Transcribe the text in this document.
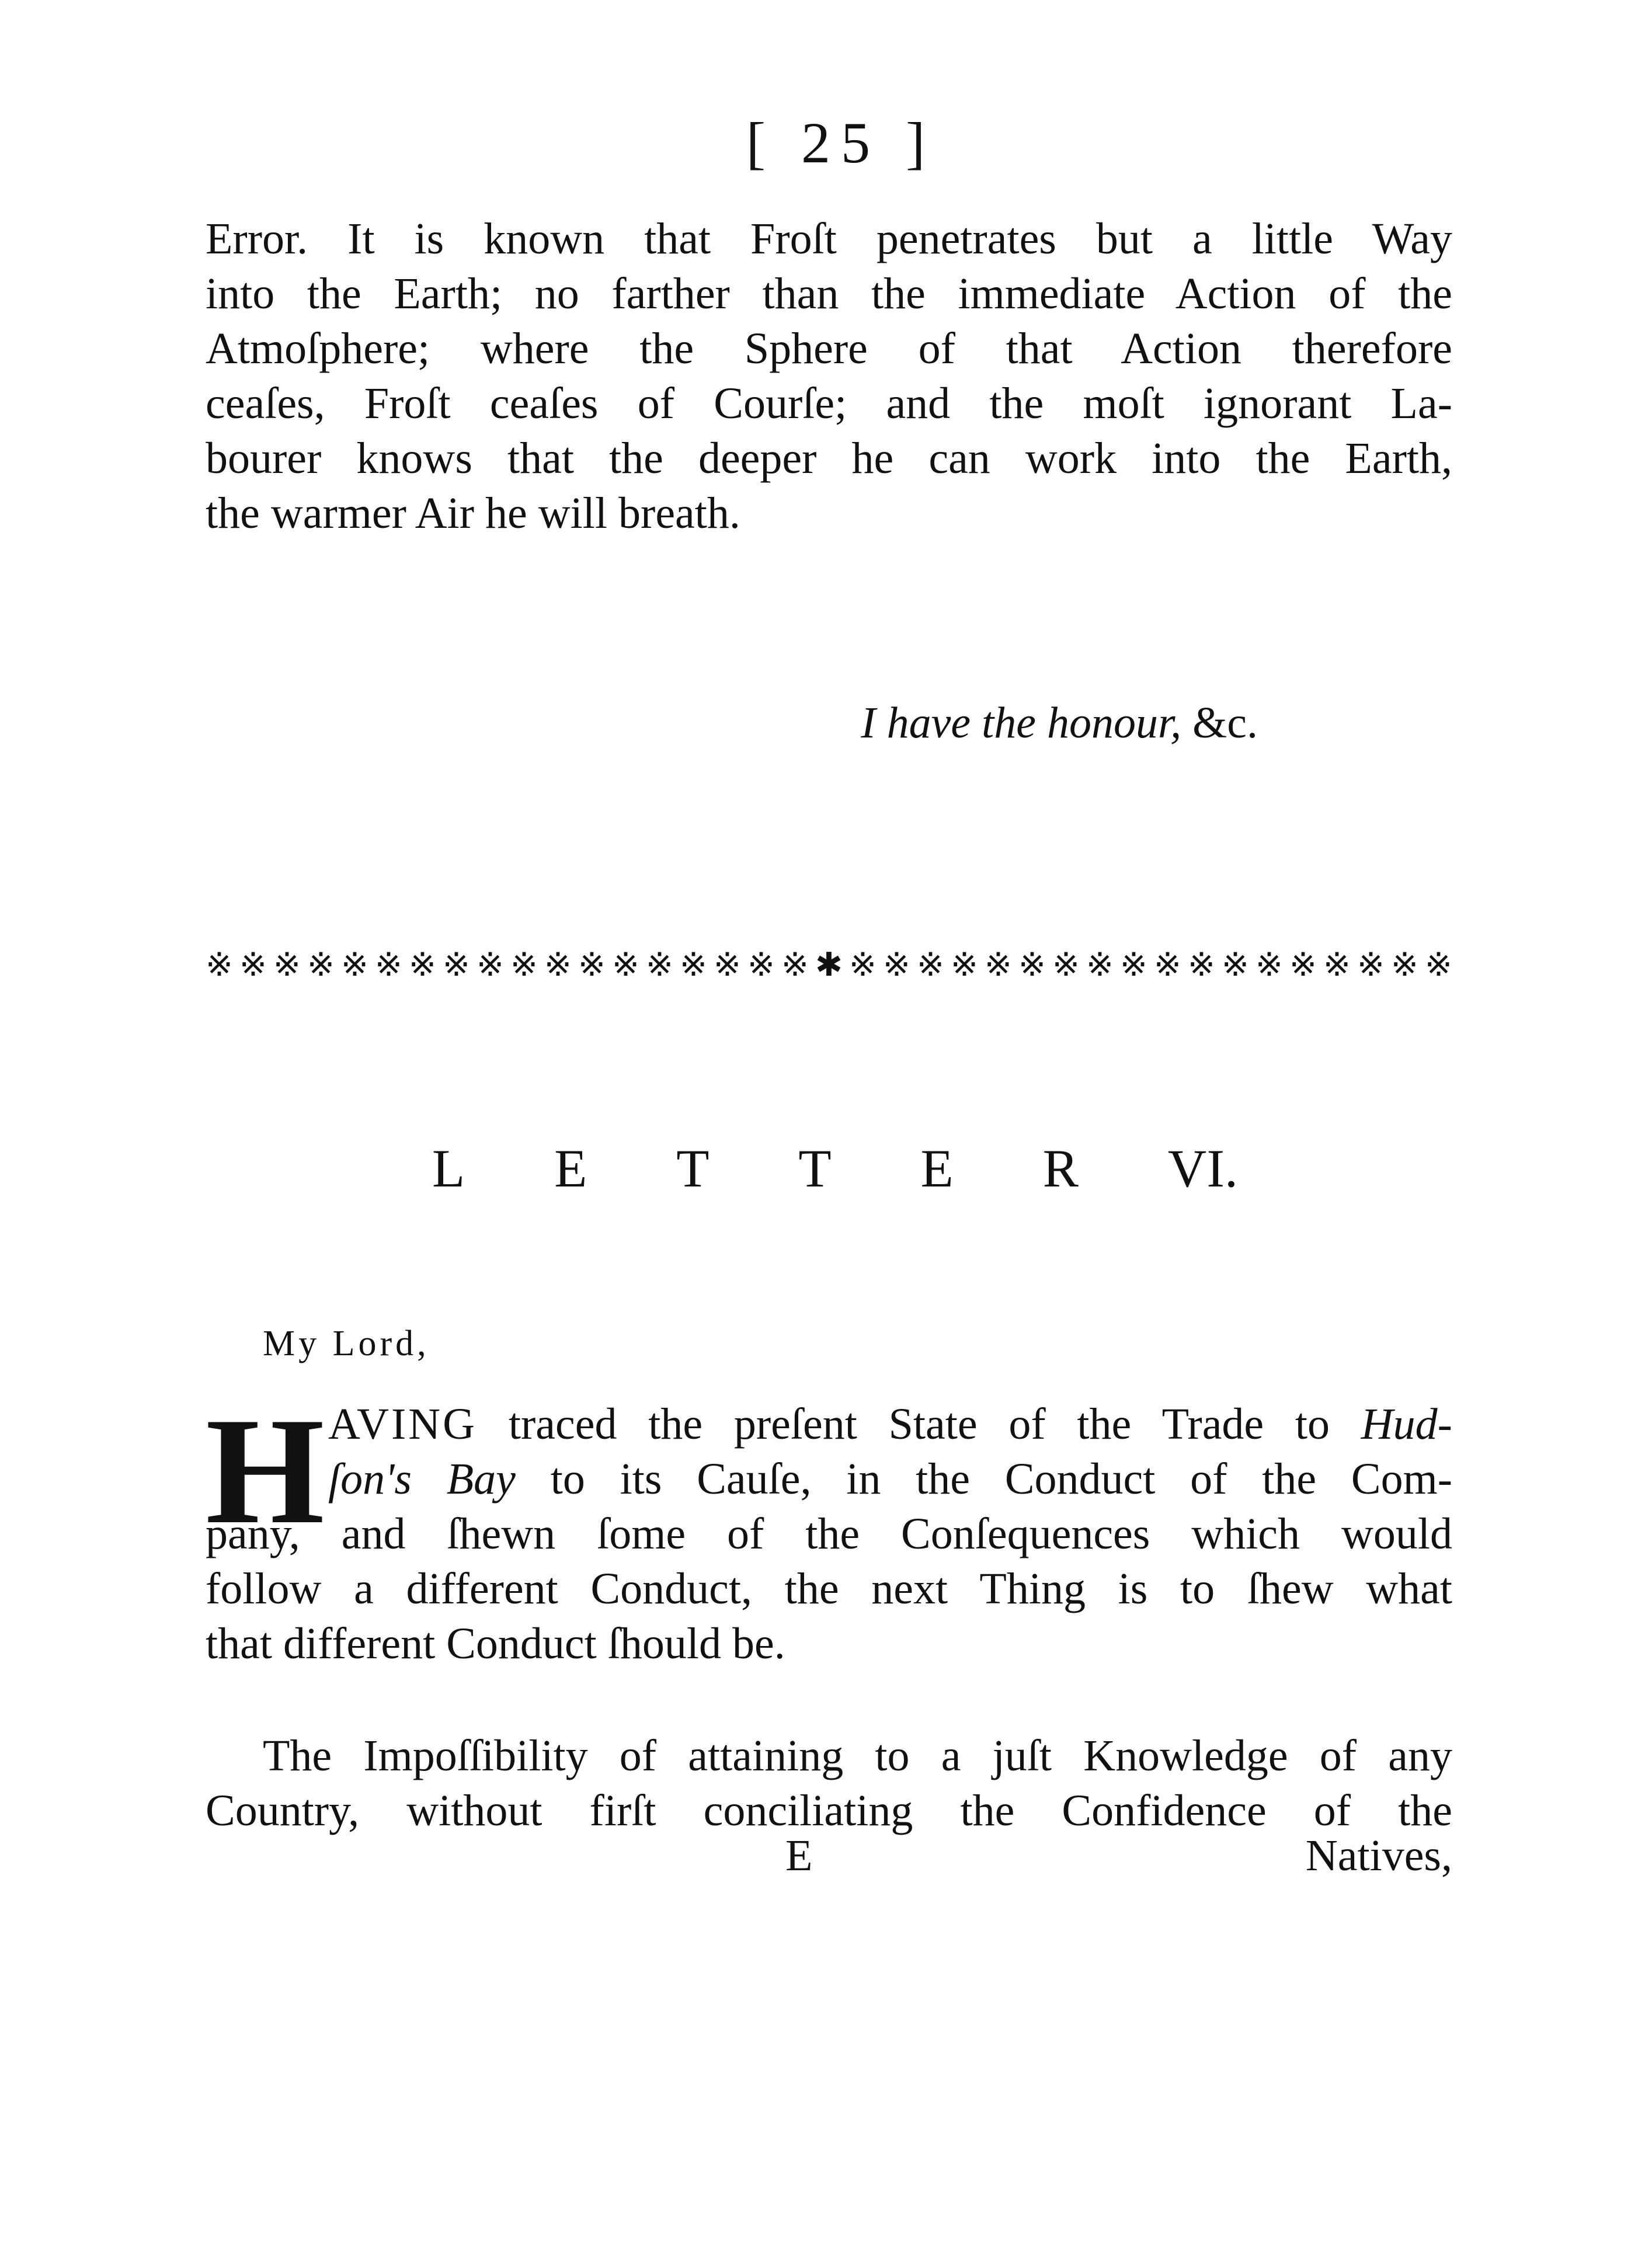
[ 25 ]
Error. It is known that Froſt penetrates but a little Way
into the Earth; no farther than the immediate Action of the
Atmoſphere; where the Sphere of that Action therefore
ceaſes, Froſt ceaſes of Courſe; and the moſt ignorant La-
bourer knows that the deeper he can work into the Earth,
the warmer Air he will breath.
I have the honour, &c.
※ ※ ※ ※ ※ ※ ※ ※ ※ ※ ※ ※ ※ ※ ※ ※ ※ ※ ✱ ※ ※ ※ ※ ※ ※ ※ ※ ※ ※ ※ ※ ※ ※ ※ ※ ※ ※
L E T T E R VI.
My Lord,
H AVING traced the preſent State of the Trade to Hud-
ſon's Bay to its Cauſe, in the Conduct of the Com-
pany, and ſhewn ſome of the Conſequences which would
follow a different Conduct, the next Thing is to ſhew what
that different Conduct ſhould be.
The Impoſſibility of attaining to a juſt Knowledge of any
Country, without firſt conciliating the Confidence of the
E	Natives,
